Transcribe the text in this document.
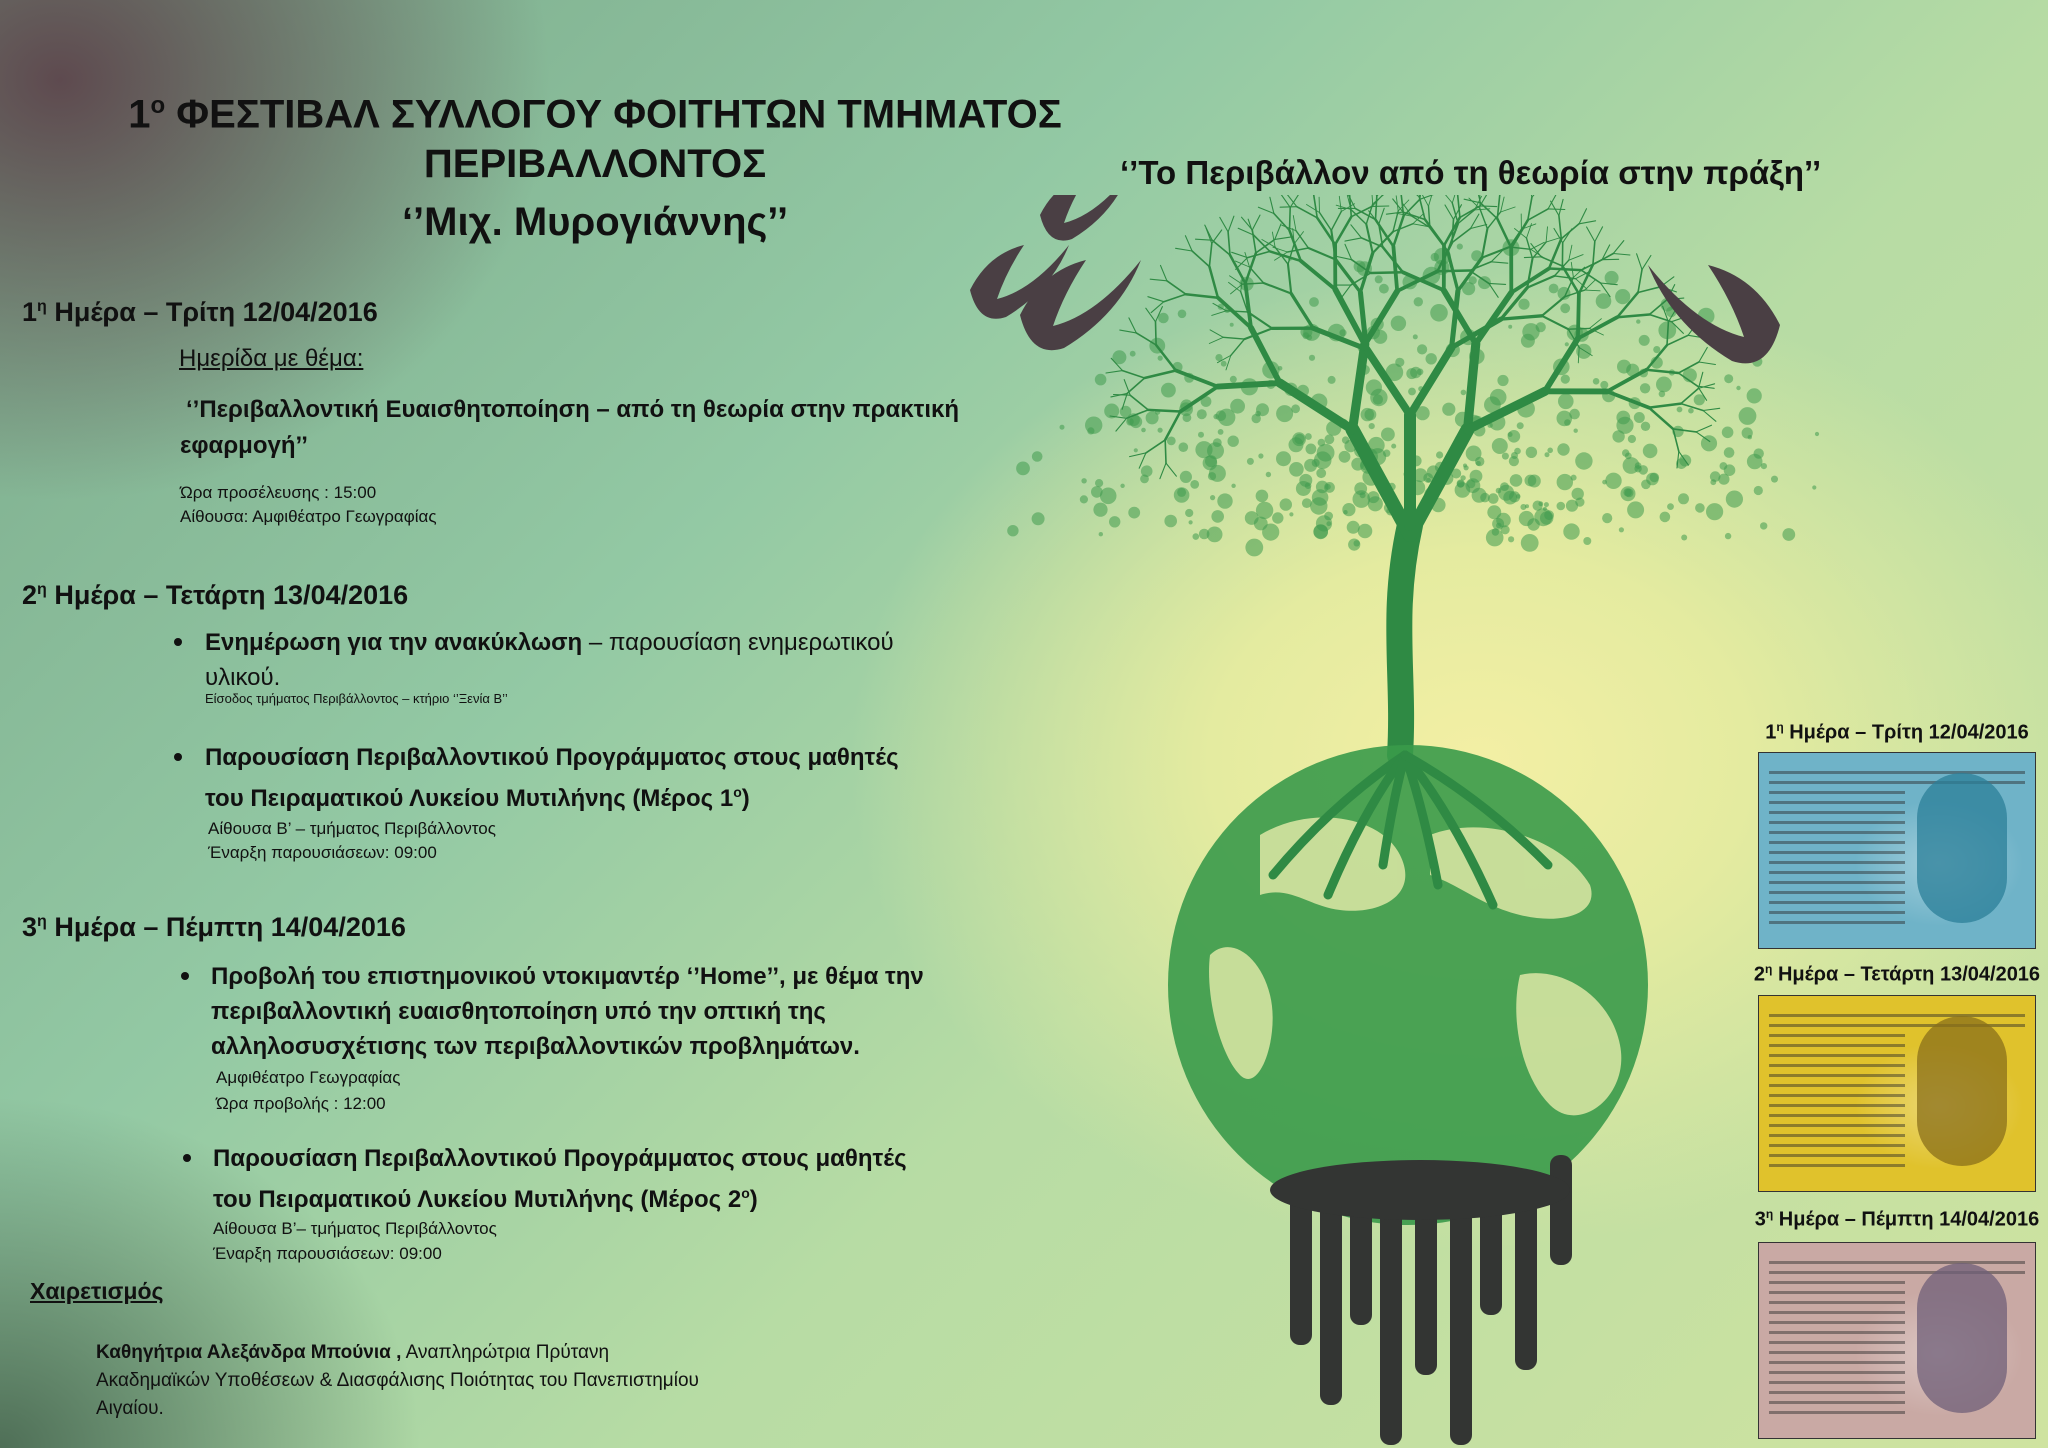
$1^o$ ΦΕΣΤΙΒΑΛ ΣΥΛΛΟΓΟΥ ΦΟΙΤΗΤΩΝ ΤΜΗΜΑΤΟΣ
ΠΕΡΙΒΑΛΛΟΝΤΟΣ
‘’Μιχ. Μυρογιάννης’’
‘’Το Περιβάλλον από τη θεωρία στην πράξη’’
$1^\eta$ Ημέρα – Τρίτη 12/04/2016
Ημερίδα με θέμα:
‘’Περιβαλλοντική Ευαισθητοποίηση – από τη θεωρία στην πρακτική
εφαρμογή’’
Ώρα προσέλευσης : 15:00
Αίθουσα: Αμφιθέατρο Γεωγραφίας
$2^\eta$ Ημέρα – Τετάρτη 13/04/2016
Ενημέρωση για την ανακύκλωση – παρουσίαση ενημερωτικού
υλικού.
Είσοδος τμήματος Περιβάλλοντος – κτήριο ‘’Ξενία Β’’
Παρουσίαση Περιβαλλοντικού Προγράμματος στους μαθητές
του Πειραματικού Λυκείου Μυτιλήνης (Μέρος $1^o$)
Αίθουσα Β’ – τμήματος Περιβάλλοντος
Έναρξη παρουσιάσεων: 09:00
$3^\eta$ Ημέρα – Πέμπτη 14/04/2016
Προβολή του επιστημονικού ντοκιμαντέρ ‘’Home’’, με θέμα την
περιβαλλοντική ευαισθητοποίηση υπό την οπτική της
αλληλοσυσχέτισης των περιβαλλοντικών προβλημάτων.
Αμφιθέατρο Γεωγραφίας
Ώρα προβολής : 12:00
Παρουσίαση Περιβαλλοντικού Προγράμματος στους μαθητές
του Πειραματικού Λυκείου Μυτιλήνης (Μέρος $2^o$)
Αίθουσα Β’– τμήματος Περιβάλλοντος
Έναρξη παρουσιάσεων: 09:00
Χαιρετισμός
Καθηγήτρια Αλεξάνδρα Μπούνια , Αναπληρώτρια Πρύτανη
Ακαδημαϊκών Υποθέσεων & Διασφάλισης Ποιότητας του Πανεπιστημίου
Αιγαίου.
$1^\eta$ Ημέρα – Τρίτη 12/04/2016
$2^\eta$ Ημέρα – Τετάρτη 13/04/2016
$3^\eta$ Ημέρα – Πέμπτη 14/04/2016
